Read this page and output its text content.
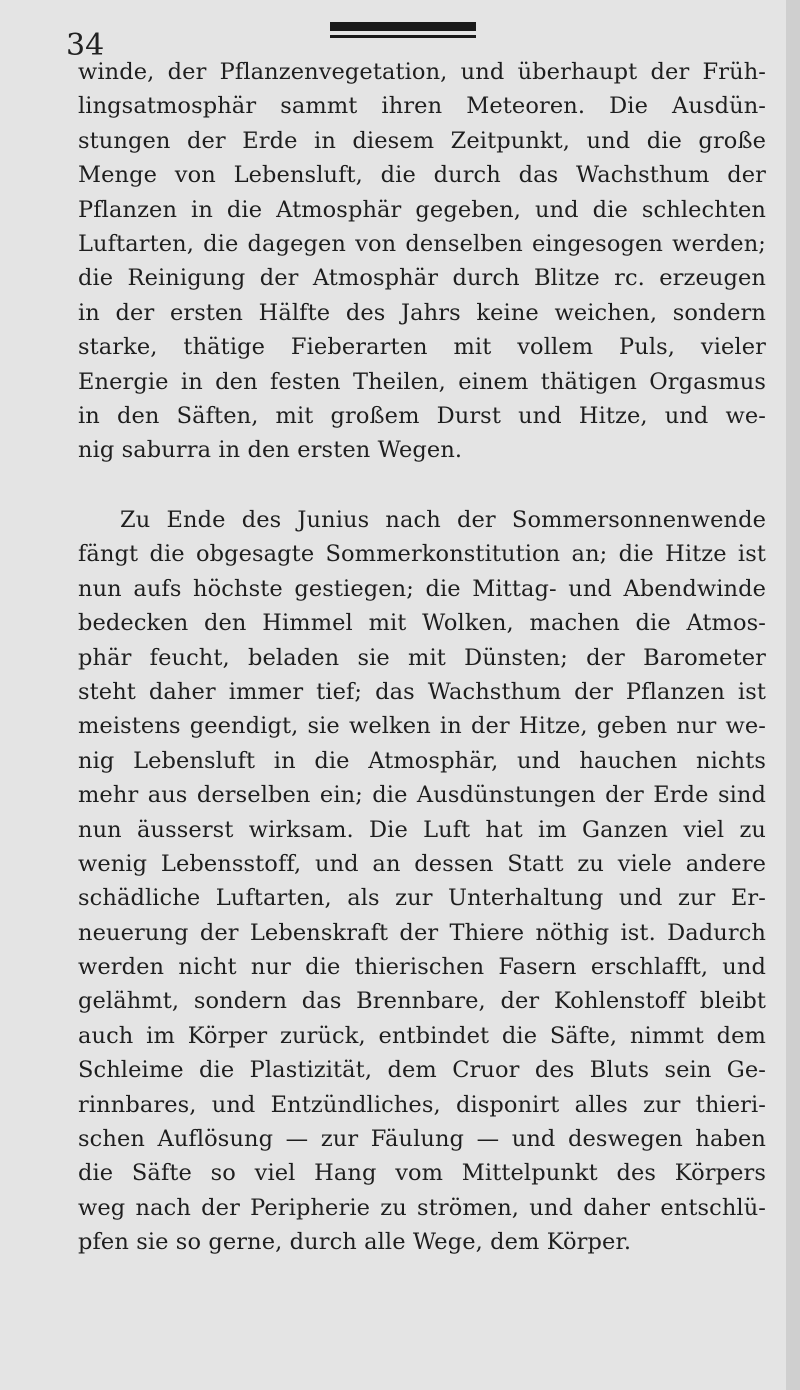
34
winde, der Pflanzenvegetation, und überhaupt der Früh-
lingsatmosphär sammt ihren Meteoren. Die Ausdün-
stungen der Erde in diesem Zeitpunkt, und die große
Menge von Lebensluft, die durch das Wachsthum der
Pflanzen in die Atmosphär gegeben, und die schlechten
Luftarten, die dagegen von denselben eingesogen werden;
die Reinigung der Atmosphär durch Blitze rc. erzeugen
in der ersten Hälfte des Jahrs keine weichen, sondern
starke, thätige Fieberarten mit vollem Puls, vieler
Energie in den festen Theilen, einem thätigen Orgasmus
in den Säften, mit großem Durst und Hitze, und we-
nig saburra in den ersten Wegen.
Zu Ende des Junius nach der Sommersonnenwende
fängt die obgesagte Sommerkonstitution an; die Hitze ist
nun aufs höchste gestiegen; die Mittag- und Abendwinde
bedecken den Himmel mit Wolken, machen die Atmos-
phär feucht, beladen sie mit Dünsten; der Barometer
steht daher immer tief; das Wachsthum der Pflanzen ist
meistens geendigt, sie welken in der Hitze, geben nur we-
nig Lebensluft in die Atmosphär, und hauchen nichts
mehr aus derselben ein; die Ausdünstungen der Erde sind
nun äusserst wirksam. Die Luft hat im Ganzen viel zu
wenig Lebensstoff, und an dessen Statt zu viele andere
schädliche Luftarten, als zur Unterhaltung und zur Er-
neuerung der Lebenskraft der Thiere nöthig ist. Dadurch
werden nicht nur die thierischen Fasern erschlafft, und
gelähmt, sondern das Brennbare, der Kohlenstoff bleibt
auch im Körper zurück, entbindet die Säfte, nimmt dem
Schleime die Plastizität, dem Cruor des Bluts sein Ge-
rinnbares, und Entzündliches, disponirt alles zur thieri-
schen Auflösung — zur Fäulung — und deswegen haben
die Säfte so viel Hang vom Mittelpunkt des Körpers
weg nach der Peripherie zu strömen, und daher entschlü-
pfen sie so gerne, durch alle Wege, dem Körper.
